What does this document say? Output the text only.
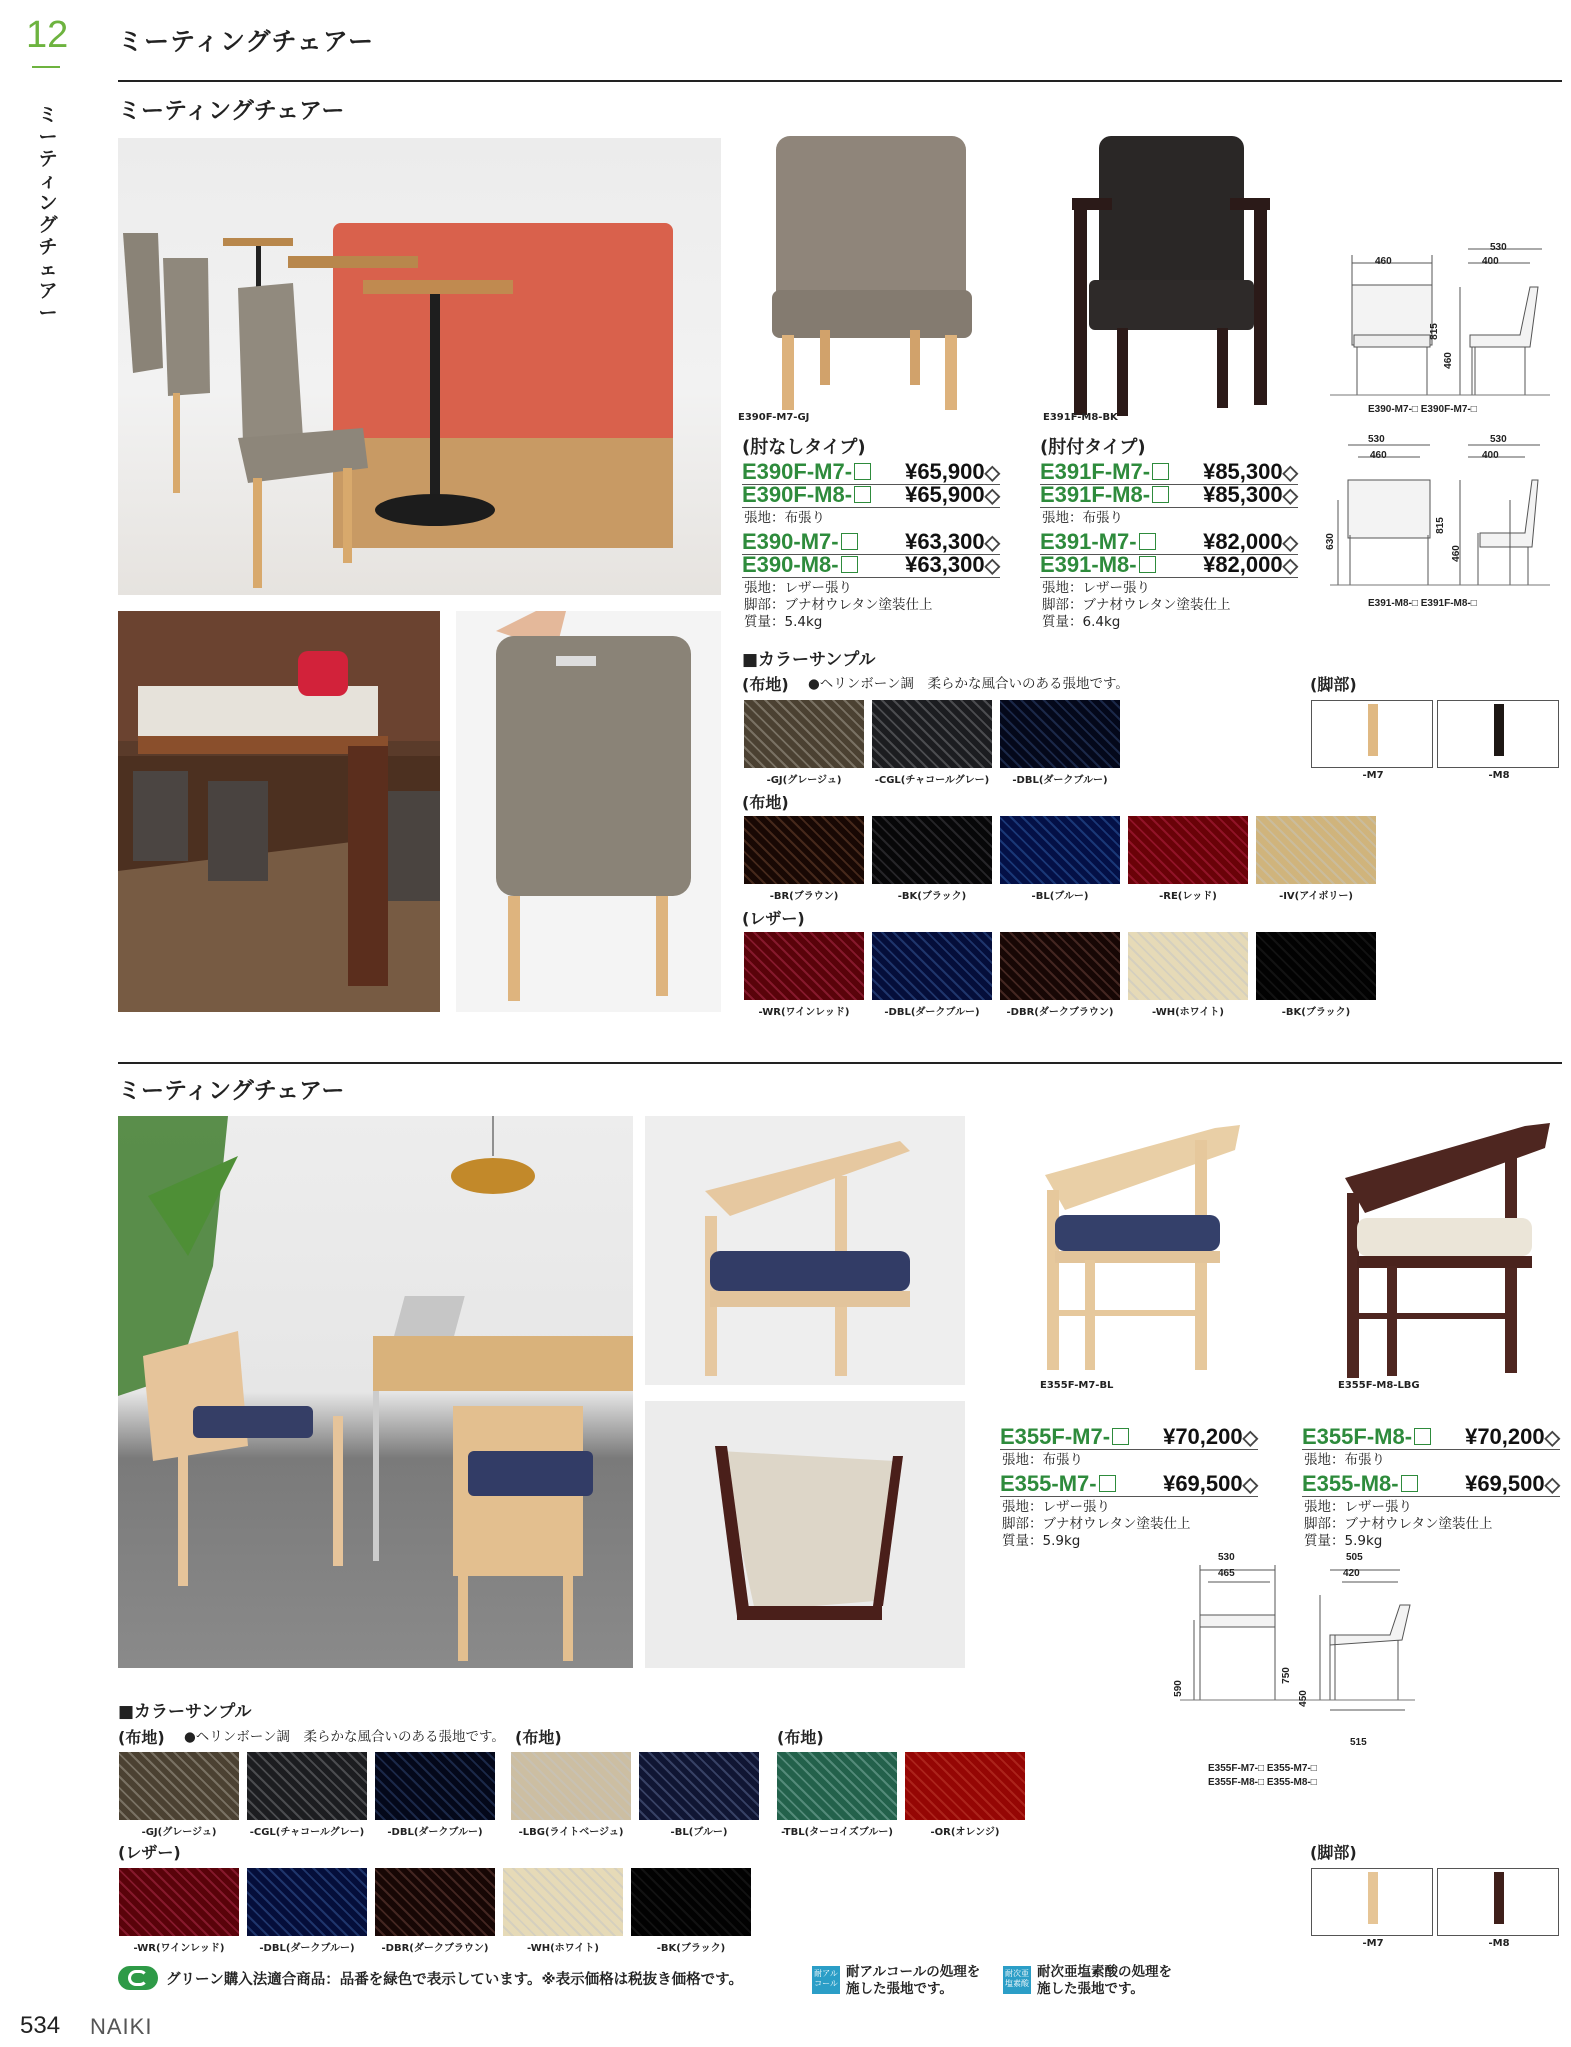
12
ミーティングチェアー
ミーティングチェアー
ミーティングチェアー
E390F-M7-GJ	E391F-M8-BK
(肘なしタイプ)
E390F-M7- ¥65,900◇
E390F-M8- ¥65,900◇
張地：布張り
E390-M7-	¥63,300◇
E390-M8-	¥63,300◇
張地：レザー張り
脚部：ブナ材ウレタン塗装仕上
質量：5.4kg
(肘付タイプ)
E391F-M7- ¥85,300◇
E391F-M8- ¥85,300◇
張地：布張り
E391-M7-	¥82,000◇
E391-M8-	¥82,000◇
張地：レザー張り
脚部：ブナ材ウレタン塗装仕上
質量：6.4kg
460
530
400
815
460
E390-M7-□ E390F-M7-□
530
460
530
400
630
815
460
E391-M8-□ E391F-M8-□
■カラーサンプル
(布地) ●ヘリンボーン調　柔らかな風合いのある張地です。
-GJ(グレージュ)	-CGL(チャコールグレー)	-DBL(ダークブルー)
(布地)
-BR(ブラウン)	-BK(ブラック)	-BL(ブルー)	-RE(レッド)	-IV(アイボリー)
(レザー)
-WR(ワインレッド)	-DBL(ダークブルー)	-DBR(ダークブラウン)	-WH(ホワイト)	-BK(ブラック)
(脚部)
-M7	-M8
ミーティングチェアー
E355F-M7-BL	E355F-M8-LBG
E355F-M7- ¥70,200◇
張地：布張り
E355-M7-	¥69,500◇
張地：レザー張り
脚部：ブナ材ウレタン塗装仕上
質量：5.9kg
E355F-M8- ¥70,200◇
張地：布張り
E355-M8-	¥69,500◇
張地：レザー張り
脚部：ブナ材ウレタン塗装仕上
質量：5.9kg
530
465
505
420
590
750
450
515
E355F-M7-□ E355-M7-□
E355F-M8-□ E355-M8-□
■カラーサンプル
(布地) ●ヘリンボーン調　柔らかな風合いのある張地です。 (布地)	(布地)
-GJ(グレージュ)	-CGL(チャコールグレー)	-DBL(ダークブルー)	-LBG(ライトベージュ)	-BL(ブルー)	-TBL(ターコイズブルー)	-OR(オレンジ)
(レザー)
-WR(ワインレッド)	-DBL(ダークブルー)	-DBR(ダークブラウン)	-WH(ホワイト)	-BK(ブラック)
(脚部)
-M7	-M8
グリーン購入法適合商品：品番を緑色で表示しています。※表示価格は税抜き価格です。	耐アル コール
耐アルコールの処理を
施した張地です。
耐次亜 塩素酸
耐次亜塩素酸の処理を
施した張地です。
534 NAIKI
